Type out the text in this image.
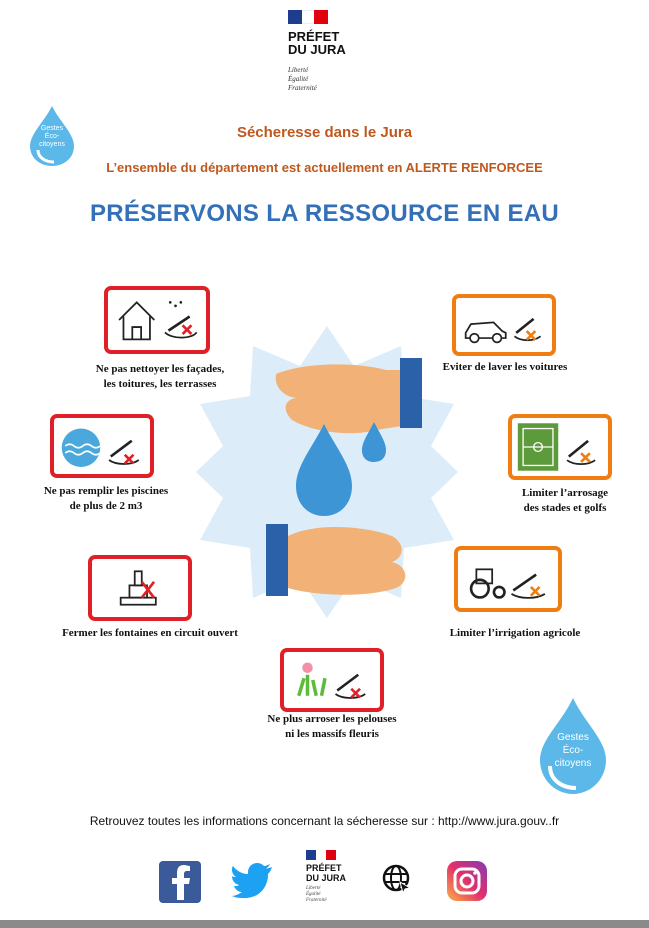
PRÉFET
DU JURA
Liberté
Égalité
Fraternité
Gestes
Éco-
citoyens
Sécheresse dans le Jura
L’ensemble du département est actuellement en ALERTE RENFORCEE
PRÉSERVONS LA RESSOURCE EN EAU
Ne pas nettoyer les façades,
les toitures, les terrasses
Ne pas remplir les piscines
de plus de 2 m3
Fermer les fontaines en circuit ouvert
Ne plus arroser les pelouses
ni les massifs fleuris
Eviter de laver les voitures
Limiter l’arrosage
des stades et golfs
Limiter l’irrigation agricole
Gestes
Éco-
citoyens
Retrouvez toutes les informations concernant la sécheresse sur : http://www.jura.gouv..fr
PRÉFET
DU JURA
Liberté
Égalité
Fraternité
